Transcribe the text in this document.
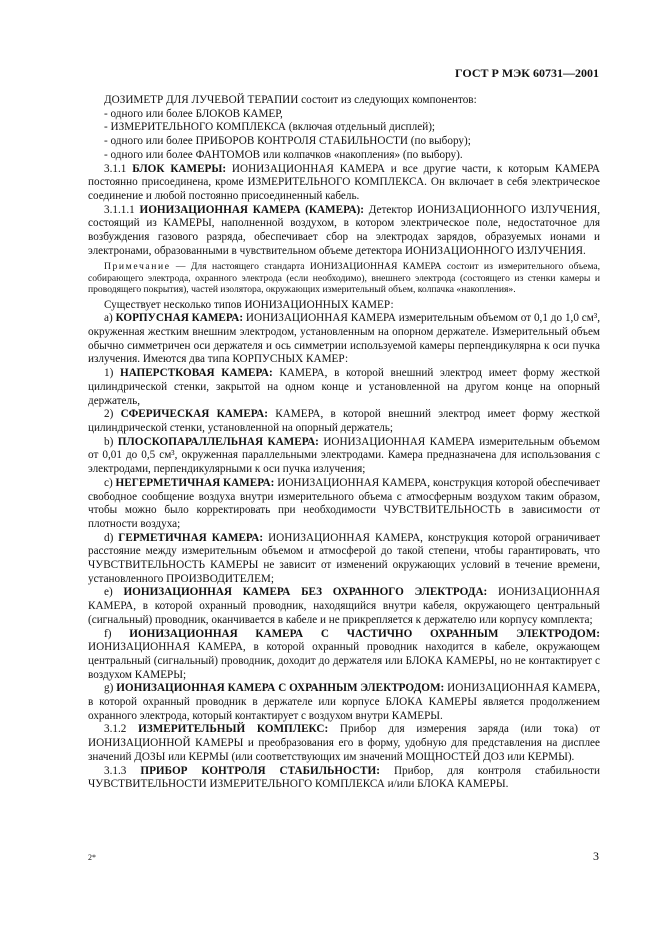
ГОСТ Р МЭК 60731—2001

ДОЗИМЕТР ДЛЯ ЛУЧЕВОЙ ТЕРАПИИ состоит из следующих компонентов:

- одного или более БЛОКОВ КАМЕР,

- ИЗМЕРИТЕЛЬНОГО КОМПЛЕКСА (включая отдельный дисплей);

- одного или более ПРИБОРОВ КОНТРОЛЯ СТАБИЛЬНОСТИ (по выбору);

- одного или более ФАНТОМОВ или колпачков «накопления» (по выбору).

3.1.1 БЛОК КАМЕРЫ: ИОНИЗАЦИОННАЯ КАМЕРА и все другие части, к которым КАМЕРА постоянно присоединена, кроме ИЗМЕРИТЕЛЬНОГО КОМПЛЕКСА. Он включает в себя электрическое соединение и любой постоянно присоединенный кабель.

3.1.1.1 ИОНИЗАЦИОННАЯ КАМЕРА (КАМЕРА): Детектор ИОНИЗАЦИОННОГО ИЗЛУЧЕНИЯ, состоящий из КАМЕРЫ, наполненной воздухом, в котором электрическое поле, недостаточное для возбуждения газового разряда, обеспечивает сбор на электродах зарядов, образуемых ионами и электронами, образованными в чувствительном объеме детектора ИОНИЗАЦИОННОГО ИЗЛУЧЕНИЯ.

Примечание — Для настоящего стандарта ИОНИЗАЦИОННАЯ КАМЕРА состоит из измерительного объема, собирающего электрода, охранного электрода (если необходимо), внешнего электрода (состоящего из стенки камеры и проводящего покрытия), частей изолятора, окружающих измерительный объем, колпачка «накопления».

Существует несколько типов ИОНИЗАЦИОННЫХ КАМЕР:

a) КОРПУСНАЯ КАМЕРА: ИОНИЗАЦИОННАЯ КАМЕРА измерительным объемом от 0,1 до 1,0 см³, окруженная жестким внешним электродом, установленным на опорном держателе. Измерительный объем обычно симметричен оси держателя и ось симметрии используемой камеры перпендикулярна к оси пучка излучения. Имеются два типа КОРПУСНЫХ КАМЕР:

1) НАПЕРСТКОВАЯ КАМЕРА: КАМЕРА, в которой внешний электрод имеет форму жесткой цилиндрической стенки, закрытой на одном конце и установленной на другом конце на опорный держатель,

2) СФЕРИЧЕСКАЯ КАМЕРА: КАМЕРА, в которой внешний электрод имеет форму жесткой цилиндрической стенки, установленной на опорный держатель;

b) ПЛОСКОПАРАЛЛЕЛЬНАЯ КАМЕРА: ИОНИЗАЦИОННАЯ КАМЕРА измерительным объемом от 0,01 до 0,5 см³, окруженная параллельными электродами. Камера предназначена для использования с электродами, перпендикулярными к оси пучка излучения;

c) НЕГЕРМЕТИЧНАЯ КАМЕРА: ИОНИЗАЦИОННАЯ КАМЕРА, конструкция которой обеспечивает свободное сообщение воздуха внутри измерительного объема с атмосферным воздухом таким образом, чтобы можно было корректировать при необходимости ЧУВСТВИТЕЛЬНОСТЬ в зависимости от плотности воздуха;

d) ГЕРМЕТИЧНАЯ КАМЕРА: ИОНИЗАЦИОННАЯ КАМЕРА, конструкция которой ограничивает расстояние между измерительным объемом и атмосферой до такой степени, чтобы гарантировать, что ЧУВСТВИТЕЛЬНОСТЬ КАМЕРЫ не зависит от изменений окружающих условий в течение времени, установленного ПРОИЗВОДИТЕЛЕМ;

e) ИОНИЗАЦИОННАЯ КАМЕРА БЕЗ ОХРАННОГО ЭЛЕКТРОДА: ИОНИЗАЦИОННАЯ КАМЕРА, в которой охранный проводник, находящийся внутри кабеля, окружающего центральный (сигнальный) проводник, оканчивается в кабеле и не прикрепляется к держателю или корпусу комплекта;

f) ИОНИЗАЦИОННАЯ КАМЕРА С ЧАСТИЧНО ОХРАННЫМ ЭЛЕКТРОДОМ: ИОНИЗАЦИОННАЯ КАМЕРА, в которой охранный проводник находится в кабеле, окружающем центральный (сигнальный) проводник, доходит до держателя или БЛОКА КАМЕРЫ, но не контактирует с воздухом КАМЕРЫ;

g) ИОНИЗАЦИОННАЯ КАМЕРА С ОХРАННЫМ ЭЛЕКТРОДОМ: ИОНИЗАЦИОННАЯ КАМЕРА, в которой охранный проводник в держателе или корпусе БЛОКА КАМЕРЫ является продолжением охранного электрода, который контактирует с воздухом внутри КАМЕРЫ.

3.1.2 ИЗМЕРИТЕЛЬНЫЙ КОМПЛЕКС: Прибор для измерения заряда (или тока) от ИОНИЗАЦИОННОЙ КАМЕРЫ и преобразования его в форму, удобную для представления на дисплее значений ДОЗЫ или КЕРМЫ (или соответствующих им значений МОЩНОСТЕЙ ДОЗ или КЕРМЫ).

3.1.3 ПРИБОР КОНТРОЛЯ СТАБИЛЬНОСТИ: Прибор, для контроля стабильности ЧУВСТВИТЕЛЬНОСТИ ИЗМЕРИТЕЛЬНОГО КОМПЛЕКСА и/или БЛОКА КАМЕРЫ.

2*	3
